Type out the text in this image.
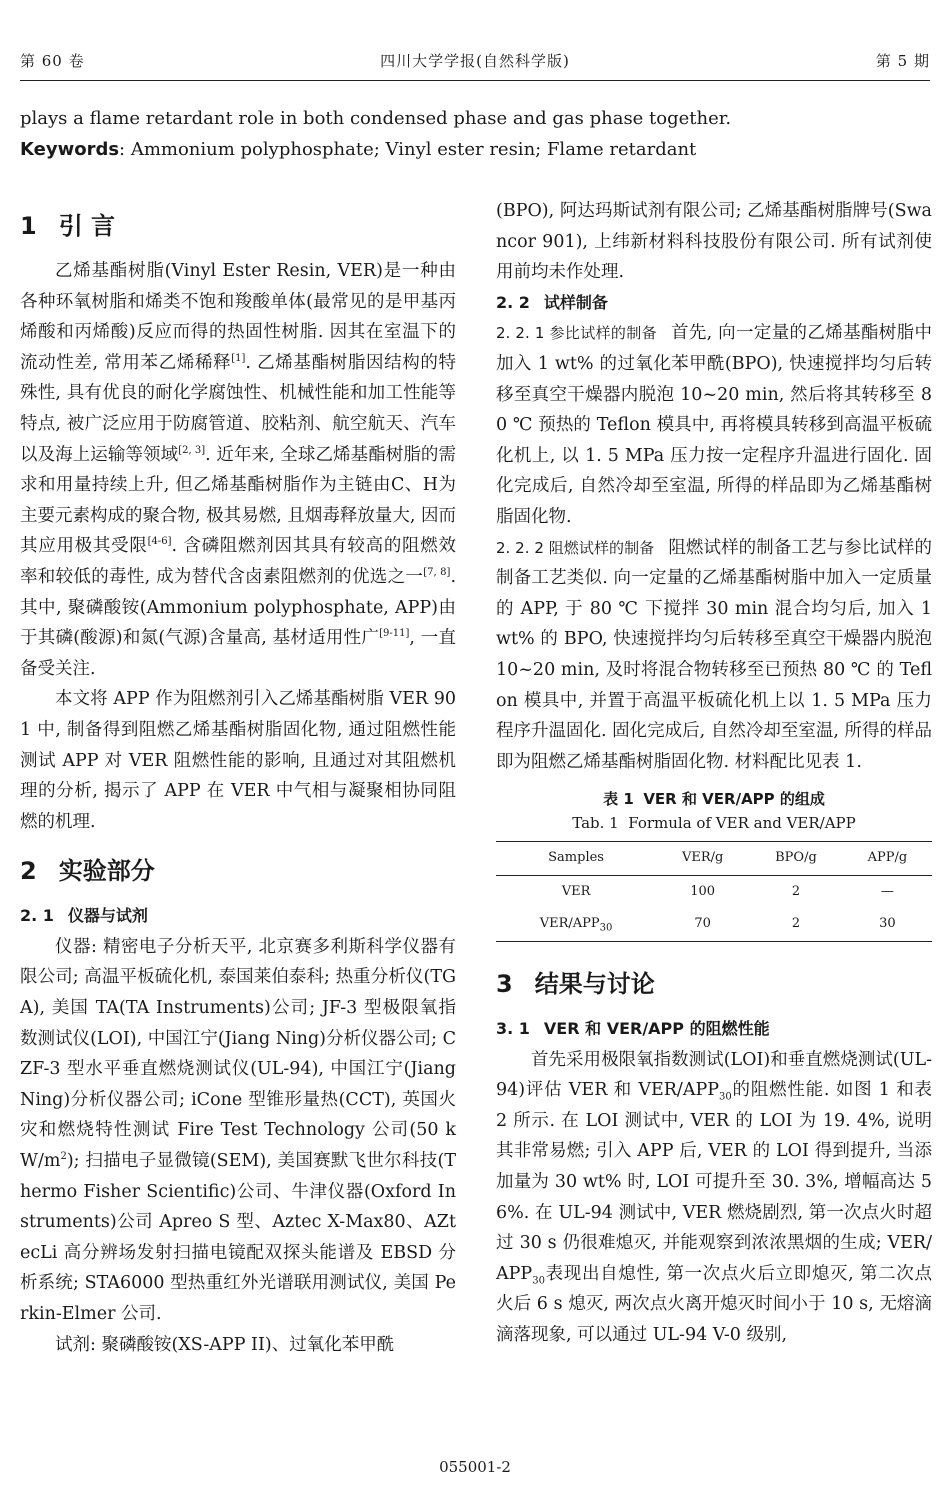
第 60 卷	四川大学学报(自然科学版)	第 5 期
plays a flame retardant role in both condensed phase and gas phase together.
Keywords: Ammonium polyphosphate; Vinyl ester resin; Flame retardant
1 引 言

乙烯基酯树脂(Vinyl Ester Resin, VER)是一种由各种环氧树脂和烯类不饱和羧酸单体(最常见的是甲基丙烯酸和丙烯酸)反应而得的热固性树脂. 因其在室温下的流动性差, 常用苯乙烯稀释[1]. 乙烯基酯树脂因结构的特殊性, 具有优良的耐化学腐蚀性、机械性能和加工性能等特点, 被广泛应用于防腐管道、胶粘剂、航空航天、汽车以及海上运输等领域[2, 3]. 近年来, 全球乙烯基酯树脂的需求和用量持续上升, 但乙烯基酯树脂作为主链由C、H为主要元素构成的聚合物, 极其易燃, 且烟毒释放量大, 因而其应用极其受限[4-6]. 含磷阻燃剂因其具有较高的阻燃效率和较低的毒性, 成为替代含卤素阻燃剂的优选之一[7, 8]. 其中, 聚磷酸铵(Ammonium polyphosphate, APP)由于其磷(酸源)和氮(气源)含量高, 基材适用性广[9-11], 一直备受关注.

本文将 APP 作为阻燃剂引入乙烯基酯树脂 VER 901 中, 制备得到阻燃乙烯基酯树脂固化物, 通过阻燃性能测试 APP 对 VER 阻燃性能的影响, 且通过对其阻燃机理的分析, 揭示了 APP 在 VER 中气相与凝聚相协同阻燃的机理.

2 实验部分
2. 1 仪器与试剂

仪器: 精密电子分析天平, 北京赛多利斯科学仪器有限公司; 高温平板硫化机, 泰国莱伯泰科; 热重分析仪(TGA), 美国 TA(TA Instruments)公司; JF-3 型极限氧指数测试仪(LOI), 中国江宁(Jiang Ning)分析仪器公司; CZF-3 型水平垂直燃烧测试仪(UL-94), 中国江宁(Jiang Ning)分析仪器公司; iCone 型锥形量热(CCT), 英国火灾和燃烧特性测试 Fire Test Technology 公司(50 $kW/m^2$); 扫描电子显微镜(SEM), 美国赛默飞世尔科技(Thermo Fisher Scientific)公司、牛津仪器(Oxford Instruments)公司 Apreo S 型、Aztec X-Max80、AZtecLi 高分辨场发射扫描电镜配双探头能谱及 EBSD 分析系统; STA6000 型热重红外光谱联用测试仪, 美国 Perkin-Elmer 公司.

试剂: 聚磷酸铵(XS-APP II)、过氧化苯甲酰

(BPO), 阿达玛斯试剂有限公司; 乙烯基酯树脂牌号(Swancor 901), 上纬新材料科技股份有限公司. 所有试剂使用前均未作处理.

2. 2 试样制备

2. 2. 1 参比试样的制备 首先, 向一定量的乙烯基酯树脂中加入 1 wt% 的过氧化苯甲酰(BPO), 快速搅拌均匀后转移至真空干燥器内脱泡 10~20 min, 然后将其转移至 80 ℃ 预热的 Teflon 模具中, 再将模具转移到高温平板硫化机上, 以 1. 5 MPa 压力按一定程序升温进行固化. 固化完成后, 自然冷却至室温, 所得的样品即为乙烯基酯树脂固化物.

2. 2. 2 阻燃试样的制备 阻燃试样的制备工艺与参比试样的制备工艺类似. 向一定量的乙烯基酯树脂中加入一定质量的 APP, 于 80 ℃ 下搅拌 30 min 混合均匀后, 加入 1 wt% 的 BPO, 快速搅拌均匀后转移至真空干燥器内脱泡 10~20 min, 及时将混合物转移至已预热 80 ℃ 的 Teflon 模具中, 并置于高温平板硫化机上以 1. 5 MPa 压力程序升温固化. 固化完成后, 自然冷却至室温, 所得的样品即为阻燃乙烯基酯树脂固化物. 材料配比见表 1.

表 1 VER 和 VER/APP 的组成
Tab. 1 Formula of VER and VER/APP
Samples	VER/g	BPO/g	APP/g
VER	100	2	—
VER/$APP_{30}$	70	2	30
3 结果与讨论
3. 1 VER 和 VER/APP 的阻燃性能

首先采用极限氧指数测试(LOI)和垂直燃烧测试(UL-94)评估 VER 和 VER/$APP_{30}$的阻燃性能. 如图 1 和表 2 所示. 在 LOI 测试中, VER 的 LOI 为 19. 4%, 说明其非常易燃; 引入 APP 后, VER 的 LOI 得到提升, 当添加量为 30 wt% 时, LOI 可提升至 30. 3%, 增幅高达 56%. 在 UL-94 测试中, VER 燃烧剧烈, 第一次点火时超过 30 s 仍很难熄灭, 并能观察到浓浓黑烟的生成; VER/$APP_{30}$表现出自熄性, 第一次点火后立即熄灭, 第二次点火后 6 s 熄灭, 两次点火离开熄灭时间小于 10 s, 无熔滴滴落现象, 可以通过 UL-94 V-0 级别,

055001-2
